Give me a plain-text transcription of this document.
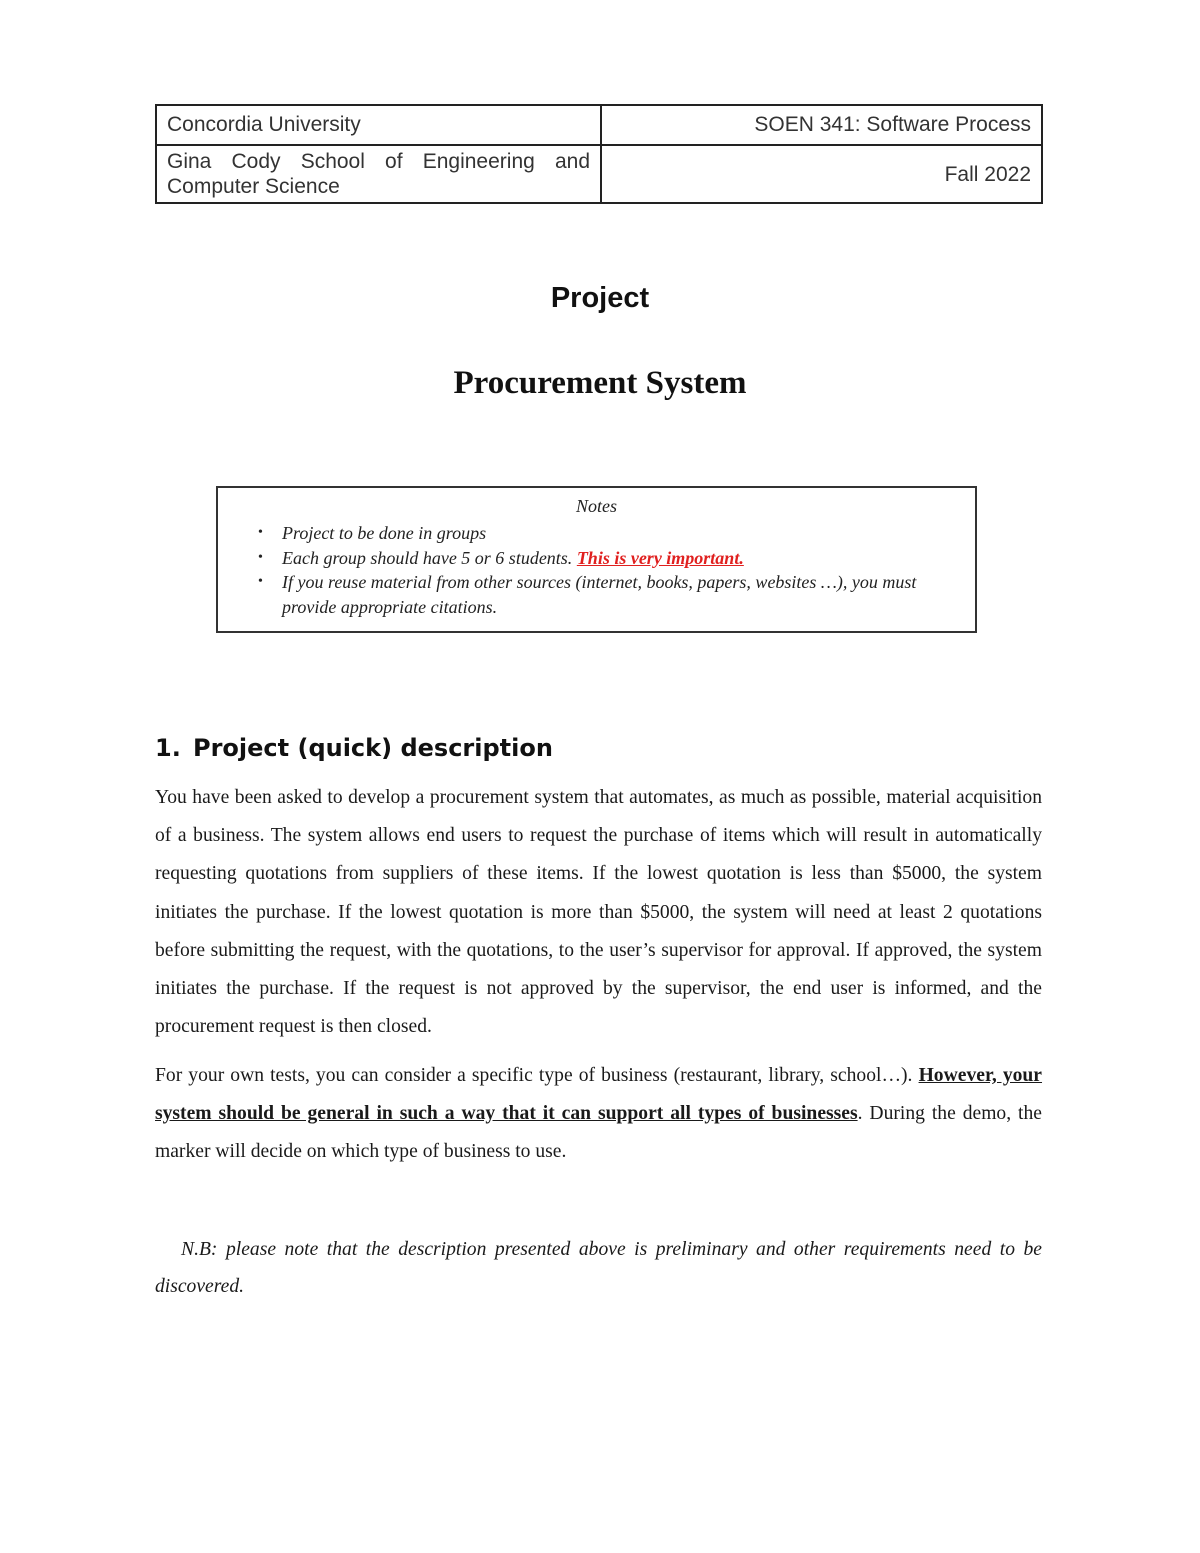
Concordia University	SOEN 341: Software Process

Gina Cody School of Engineering and
Computer Science	Fall 2022
Project
Procurement System
Notes
• Project to be done in groups
• Each group should have 5 or 6 students. This is very important.
• If you reuse material from other sources (internet, books, papers, websites …), you must provide appropriate citations.
1. Project (quick) description

You have been asked to develop a procurement system that automates, as much as possible, material acquisition of a business. The system allows end users to request the purchase of items which will result in automatically requesting quotations from suppliers of these items. If the lowest quotation is less than $5000, the system initiates the purchase. If the lowest quotation is more than $5000, the system will need at least 2 quotations before submitting the request, with the quotations, to the user’s supervisor for approval. If approved, the system initiates the purchase. If the request is not approved by the supervisor, the end user is informed, and the procurement request is then closed.

For your own tests, you can consider a specific type of business (restaurant, library, school…). However, your system should be general in such a way that it can support all types of businesses. During the demo, the marker will decide on which type of business to use.

N.B: please note that the description presented above is preliminary and other requirements need to be discovered.
